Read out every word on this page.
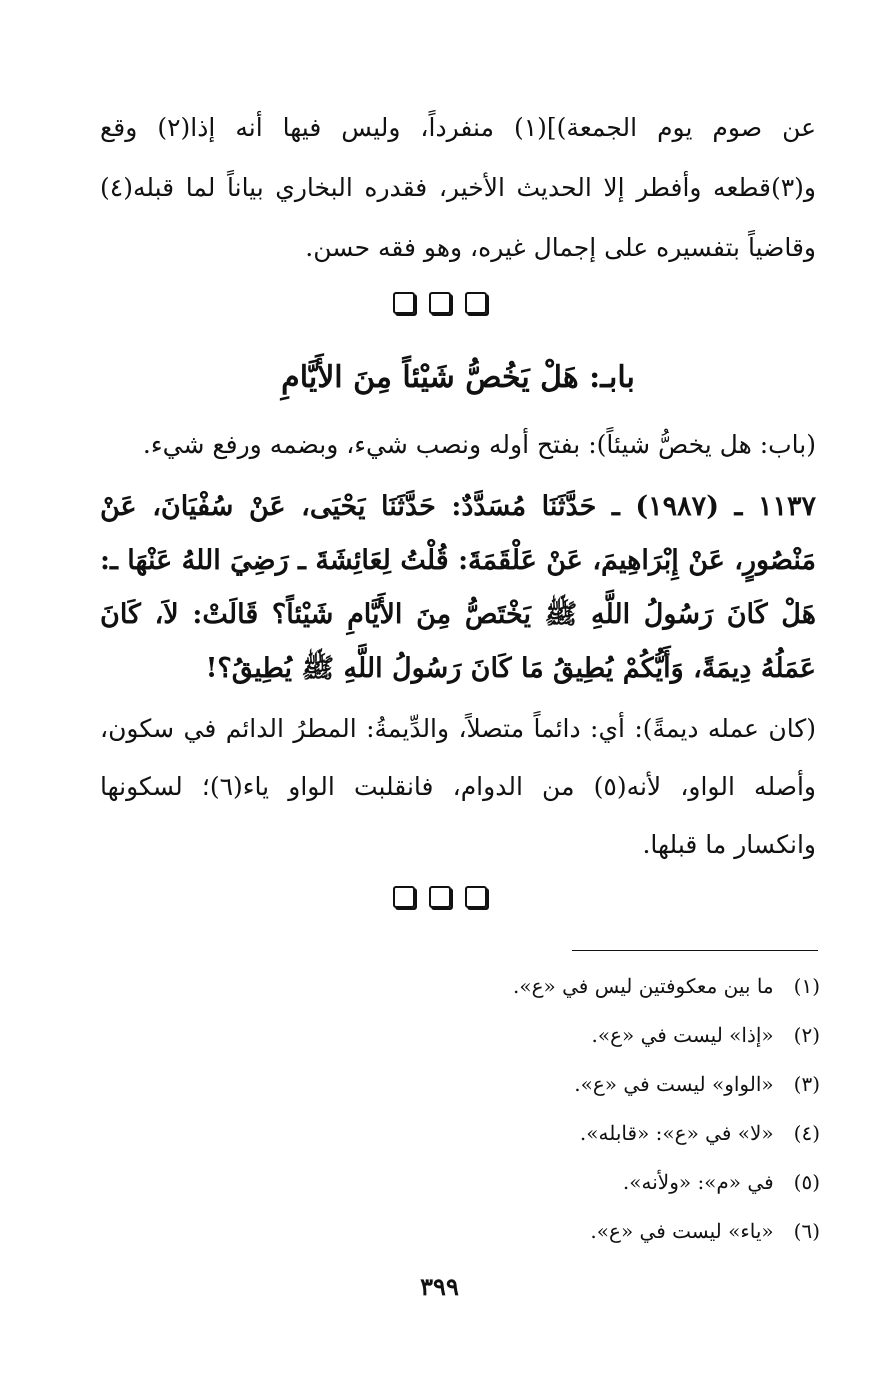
عن صوم يوم الجمعة)](١) منفرداً، وليس فيها أنه إذا(٢) وقع و(٣)قطعه وأفطر إلا الحديث الأخير، فقدره البخاري بياناً لما قبله(٤) وقاضياً بتفسيره على إجمال غيره، وهو فقه حسن.

بابـ: هَلْ يَخُصُّ شَيْئاً مِنَ الأَيَّامِ

(باب: هل يخصُّ شيئاً): بفتح أوله ونصب شيء، وبضمه ورفع شيء.

١١٣٧ ـ (١٩٨٧) ـ حَدَّثَنَا مُسَدَّدٌ: حَدَّثَنَا يَحْيَى، عَنْ سُفْيَانَ، عَنْ مَنْصُورٍ، عَنْ إِبْرَاهِيمَ، عَنْ عَلْقَمَةَ: قُلْتُ لِعَائِشَةَ ـ رَضِيَ اللهُ عَنْهَا ـ: هَلْ كَانَ رَسُولُ اللَّهِ ﷺ يَخْتَصُّ مِنَ الأَيَّامِ شَيْئاً؟ قَالَتْ: لاَ، كَانَ عَمَلُهُ دِيمَةً، وَأَيُّكُمْ يُطِيقُ مَا كَانَ رَسُولُ اللَّهِ ﷺ يُطِيقُ؟!

(كان عمله ديمةً): أي: دائماً متصلاً، والدِّيمةُ: المطرُ الدائم في سكون، وأصله الواو، لأنه(٥) من الدوام، فانقلبت الواو ياء(٦)؛ لسكونها وانكسار ما قبلها.

(١) ما بين معكوفتين ليس في «ع».
(٢) «إذا» ليست في «ع».
(٣) «الواو» ليست في «ع».
(٤) «لا» في «ع»: «قابله».
(٥) في «م»: «ولأنه».
(٦) «ياء» ليست في «ع».
٣٩٩
